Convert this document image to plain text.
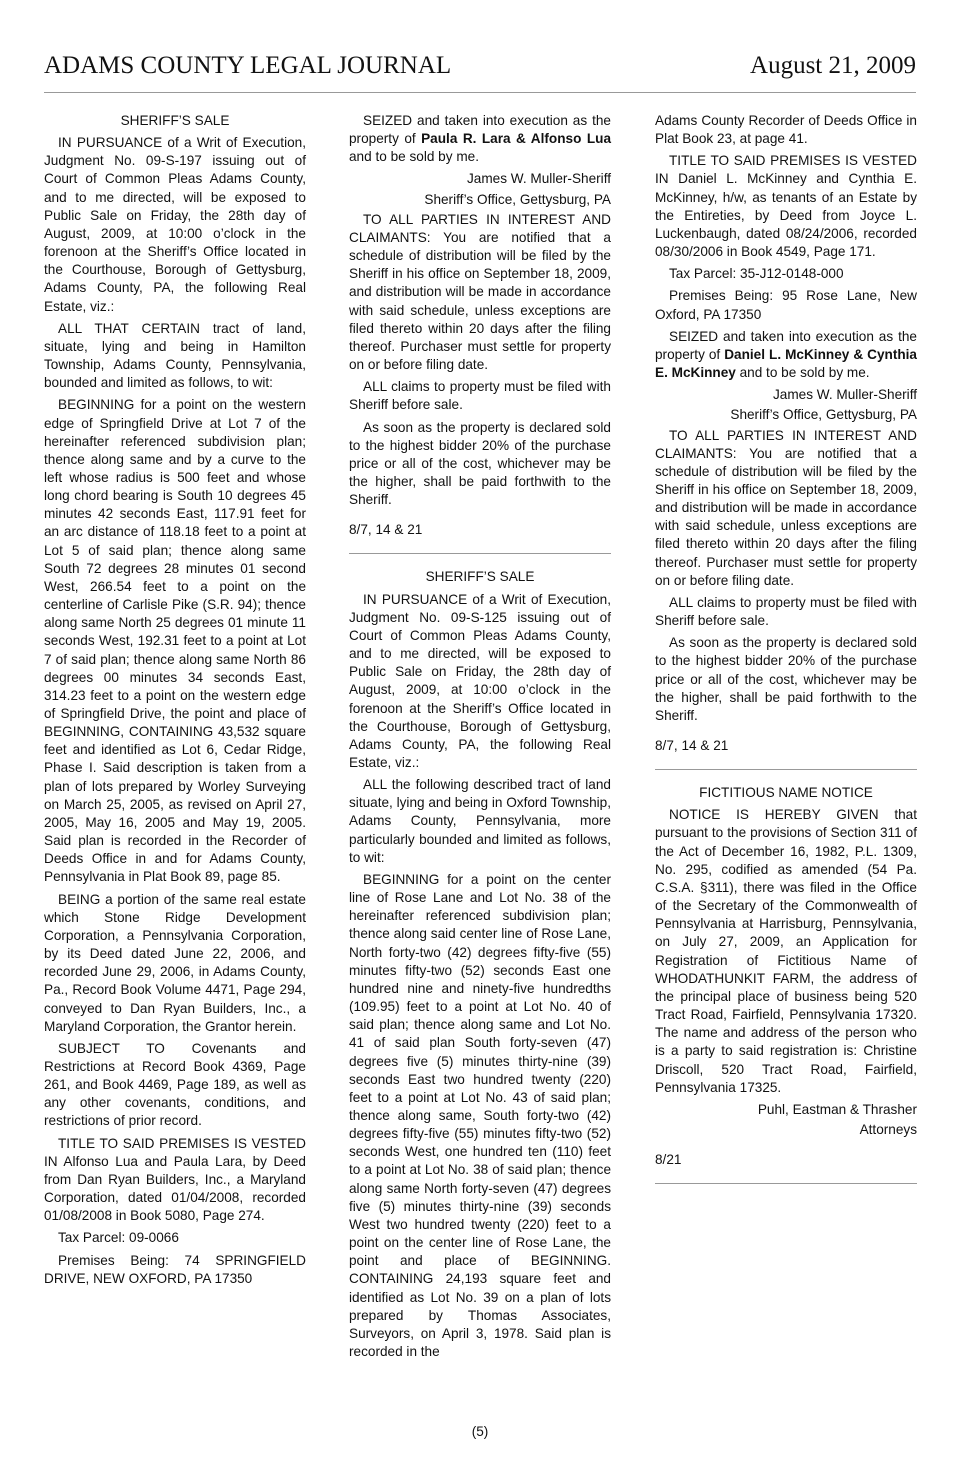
ADAMS COUNTY LEGAL JOURNAL	August 21, 2009
SHERIFF’S SALE

IN PURSUANCE of a Writ of Execution, Judgment No. 09-S-197 issuing out of Court of Common Pleas Adams County, and to me directed, will be exposed to Public Sale on Friday, the 28th day of August, 2009, at 10:00 o’clock in the forenoon at the Sheriff’s Office located in the Courthouse, Borough of Gettysburg, Adams County, PA, the following Real Estate, viz.:

ALL THAT CERTAIN tract of land, situate, lying and being in Hamilton Township, Adams County, Pennsylvania, bounded and limited as follows, to wit:

BEGINNING for a point on the western edge of Springfield Drive at Lot 7 of the hereinafter referenced subdivision plan; thence along same and by a curve to the left whose radius is 500 feet and whose long chord bearing is South 10 degrees 45 minutes 42 seconds East, 117.91 feet for an arc distance of 118.18 feet to a point at Lot 5 of said plan; thence along same South 72 degrees 28 minutes 01 second West, 266.54 feet to a point on the centerline of Carlisle Pike (S.R. 94); thence along same North 25 degrees 01 minute 11 seconds West, 192.31 feet to a point at Lot 7 of said plan; thence along same North 86 degrees 00 minutes 34 seconds East, 314.23 feet to a point on the western edge of Springfield Drive, the point and place of BEGINNING, CONTAINING 43,532 square feet and identified as Lot 6, Cedar Ridge, Phase I. Said description is taken from a plan of lots prepared by Worley Surveying on March 25, 2005, as revised on April 27, 2005, May 16, 2005 and May 19, 2005. Said plan is recorded in the Recorder of Deeds Office in and for Adams County, Pennsylvania in Plat Book 89, page 85.

BEING a portion of the same real estate which Stone Ridge Development Corporation, a Pennsylvania Corporation, by its Deed dated June 22, 2006, and recorded June 29, 2006, in Adams County, Pa., Record Book Volume 4471, Page 294, conveyed to Dan Ryan Builders, Inc., a Maryland Corporation, the Grantor herein.

SUBJECT TO Covenants and Restrictions at Record Book 4369, Page 261, and Book 4469, Page 189, as well as any other covenants, conditions, and restrictions of prior record.

TITLE TO SAID PREMISES IS VESTED IN Alfonso Lua and Paula Lara, by Deed from Dan Ryan Builders, Inc., a Maryland Corporation, dated 01/04/2008, recorded 01/08/2008 in Book 5080, Page 274.

Tax Parcel: 09-0066

Premises Being: 74 SPRINGFIELD DRIVE, NEW OXFORD, PA 17350

SEIZED and taken into execution as the property of Paula R. Lara & Alfonso Lua and to be sold by me.

James W. Muller-Sheriff

Sheriff’s Office, Gettysburg, PA

TO ALL PARTIES IN INTEREST AND CLAIMANTS: You are notified that a schedule of distribution will be filed by the Sheriff in his office on September 18, 2009, and distribution will be made in accordance with said schedule, unless exceptions are filed thereto within 20 days after the filing thereof. Purchaser must settle for property on or before filing date.

ALL claims to property must be filed with Sheriff before sale.

As soon as the property is declared sold to the highest bidder 20% of the purchase price or all of the cost, whichever may be the higher, shall be paid forthwith to the Sheriff.

8/7, 14 & 21

SHERIFF’S SALE

IN PURSUANCE of a Writ of Execution, Judgment No. 09-S-125 issuing out of Court of Common Pleas Adams County, and to me directed, will be exposed to Public Sale on Friday, the 28th day of August, 2009, at 10:00 o’clock in the forenoon at the Sheriff’s Office located in the Courthouse, Borough of Gettysburg, Adams County, PA, the following Real Estate, viz.:

ALL the following described tract of land situate, lying and being in Oxford Township, Adams County, Pennsylvania, more particularly bounded and limited as follows, to wit:

BEGINNING for a point on the center line of Rose Lane and Lot No. 38 of the hereinafter referenced subdivision plan; thence along said center line of Rose Lane, North forty-two (42) degrees fifty-five (55) minutes fifty-two (52) seconds East one hundred nine and ninety-five hundredths (109.95) feet to a point at Lot No. 40 of said plan; thence along same and Lot No. 41 of said plan South forty-seven (47) degrees five (5) minutes thirty-nine (39) seconds East two hundred twenty (220) feet to a point at Lot No. 43 of said plan; thence along same, South forty-two (42) degrees fifty-five (55) minutes fifty-two (52) seconds West, one hundred ten (110) feet to a point at Lot No. 38 of said plan; thence along same North forty-seven (47) degrees five (5) minutes thirty-nine (39) seconds West two hundred twenty (220) feet to a point on the center line of Rose Lane, the point and place of BEGINNING. CONTAINING 24,193 square feet and identified as Lot No. 39 on a plan of lots prepared by Thomas Associates, Surveyors, on April 3, 1978. Said plan is recorded in the

Adams County Recorder of Deeds Office in Plat Book 23, at page 41.

TITLE TO SAID PREMISES IS VESTED IN Daniel L. McKinney and Cynthia E. McKinney, h/w, as tenants of an Estate by the Entireties, by Deed from Joyce L. Luckenbaugh, dated 08/24/2006, recorded 08/30/2006 in Book 4549, Page 171.

Tax Parcel: 35-J12-0148-000

Premises Being: 95 Rose Lane, New Oxford, PA 17350

SEIZED and taken into execution as the property of Daniel L. McKinney & Cynthia E. McKinney and to be sold by me.

James W. Muller-Sheriff

Sheriff’s Office, Gettysburg, PA

TO ALL PARTIES IN INTEREST AND CLAIMANTS: You are notified that a schedule of distribution will be filed by the Sheriff in his office on September 18, 2009, and distribution will be made in accordance with said schedule, unless exceptions are filed thereto within 20 days after the filing thereof. Purchaser must settle for property on or before filing date.

ALL claims to property must be filed with Sheriff before sale.

As soon as the property is declared sold to the highest bidder 20% of the purchase price or all of the cost, whichever may be the higher, shall be paid forthwith to the Sheriff.

8/7, 14 & 21

FICTITIOUS NAME NOTICE

NOTICE IS HEREBY GIVEN that pursuant to the provisions of Section 311 of the Act of December 16, 1982, P.L. 1309, No. 295, codified as amended (54 Pa. C.S.A. §311), there was filed in the Office of the Secretary of the Commonwealth of Pennsylvania at Harrisburg, Pennsylvania, on July 27, 2009, an Application for Registration of Fictitious Name of WHODATHUNKIT FARM, the address of the principal place of business being 520 Tract Road, Fairfield, Pennsylvania 17320. The name and address of the person who is a party to said registration is: Christine Driscoll, 520 Tract Road, Fairfield, Pennsylvania 17325.

Puhl, Eastman & Thrasher

Attorneys

8/21

(5)
